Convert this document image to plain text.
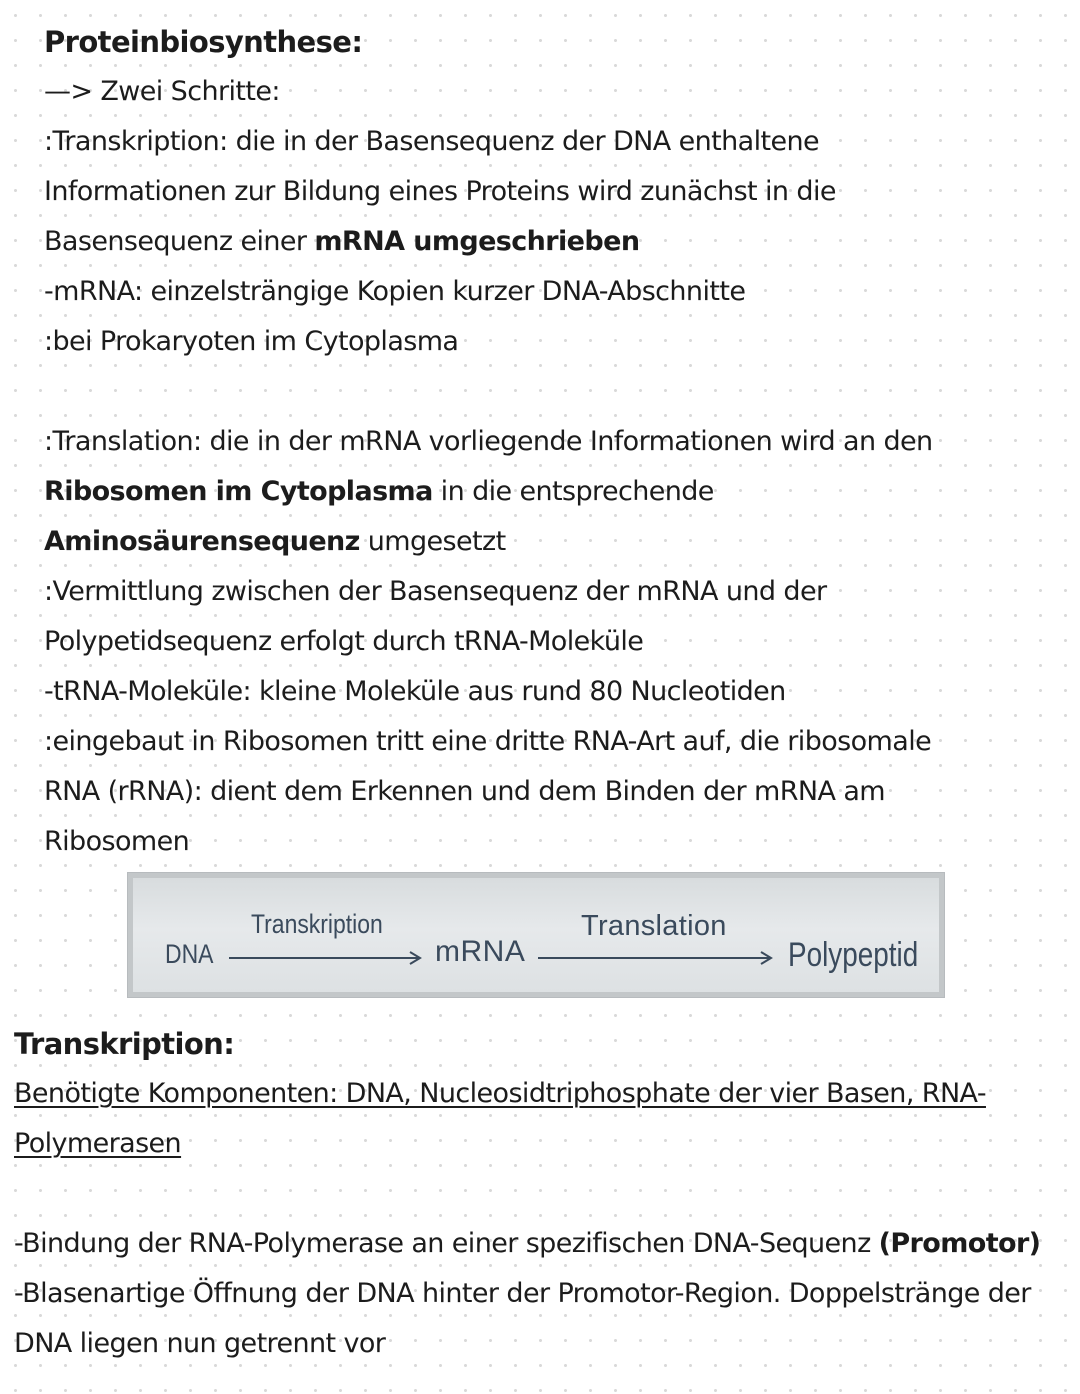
Proteinbiosynthese:
—> Zwei Schritte:
:Transkription: die in der Basensequenz der DNA enthaltene
Informationen zur Bildung eines Proteins wird zunächst in die
Basensequenz einer mRNA umgeschrieben
-mRNA: einzelsträngige Kopien kurzer DNA-Abschnitte
:bei Prokaryoten im Cytoplasma
:Translation: die in der mRNA vorliegende Informationen wird an den
Ribosomen im Cytoplasma in die entsprechende
Aminosäurensequenz umgesetzt
:Vermittlung zwischen der Basensequenz der mRNA und der
Polypetidsequenz erfolgt durch tRNA-Moleküle
-tRNA-Moleküle: kleine Moleküle aus rund 80 Nucleotiden
:eingebaut in Ribosomen tritt eine dritte RNA-Art auf, die ribosomale
RNA (rRNA): dient dem Erkennen und dem Binden der mRNA am
Ribosomen
DNA
Transkription
mRNA
Translation
Polypeptid
Transkription:
Benötigte Komponenten: DNA, Nucleosidtriphosphate der vier Basen, RNA-
Polymerasen
-Bindung der RNA-Polymerase an einer spezifischen DNA-Sequenz (Promotor)
-Blasenartige Öffnung der DNA hinter der Promotor-Region. Doppelstränge der
DNA liegen nun getrennt vor
